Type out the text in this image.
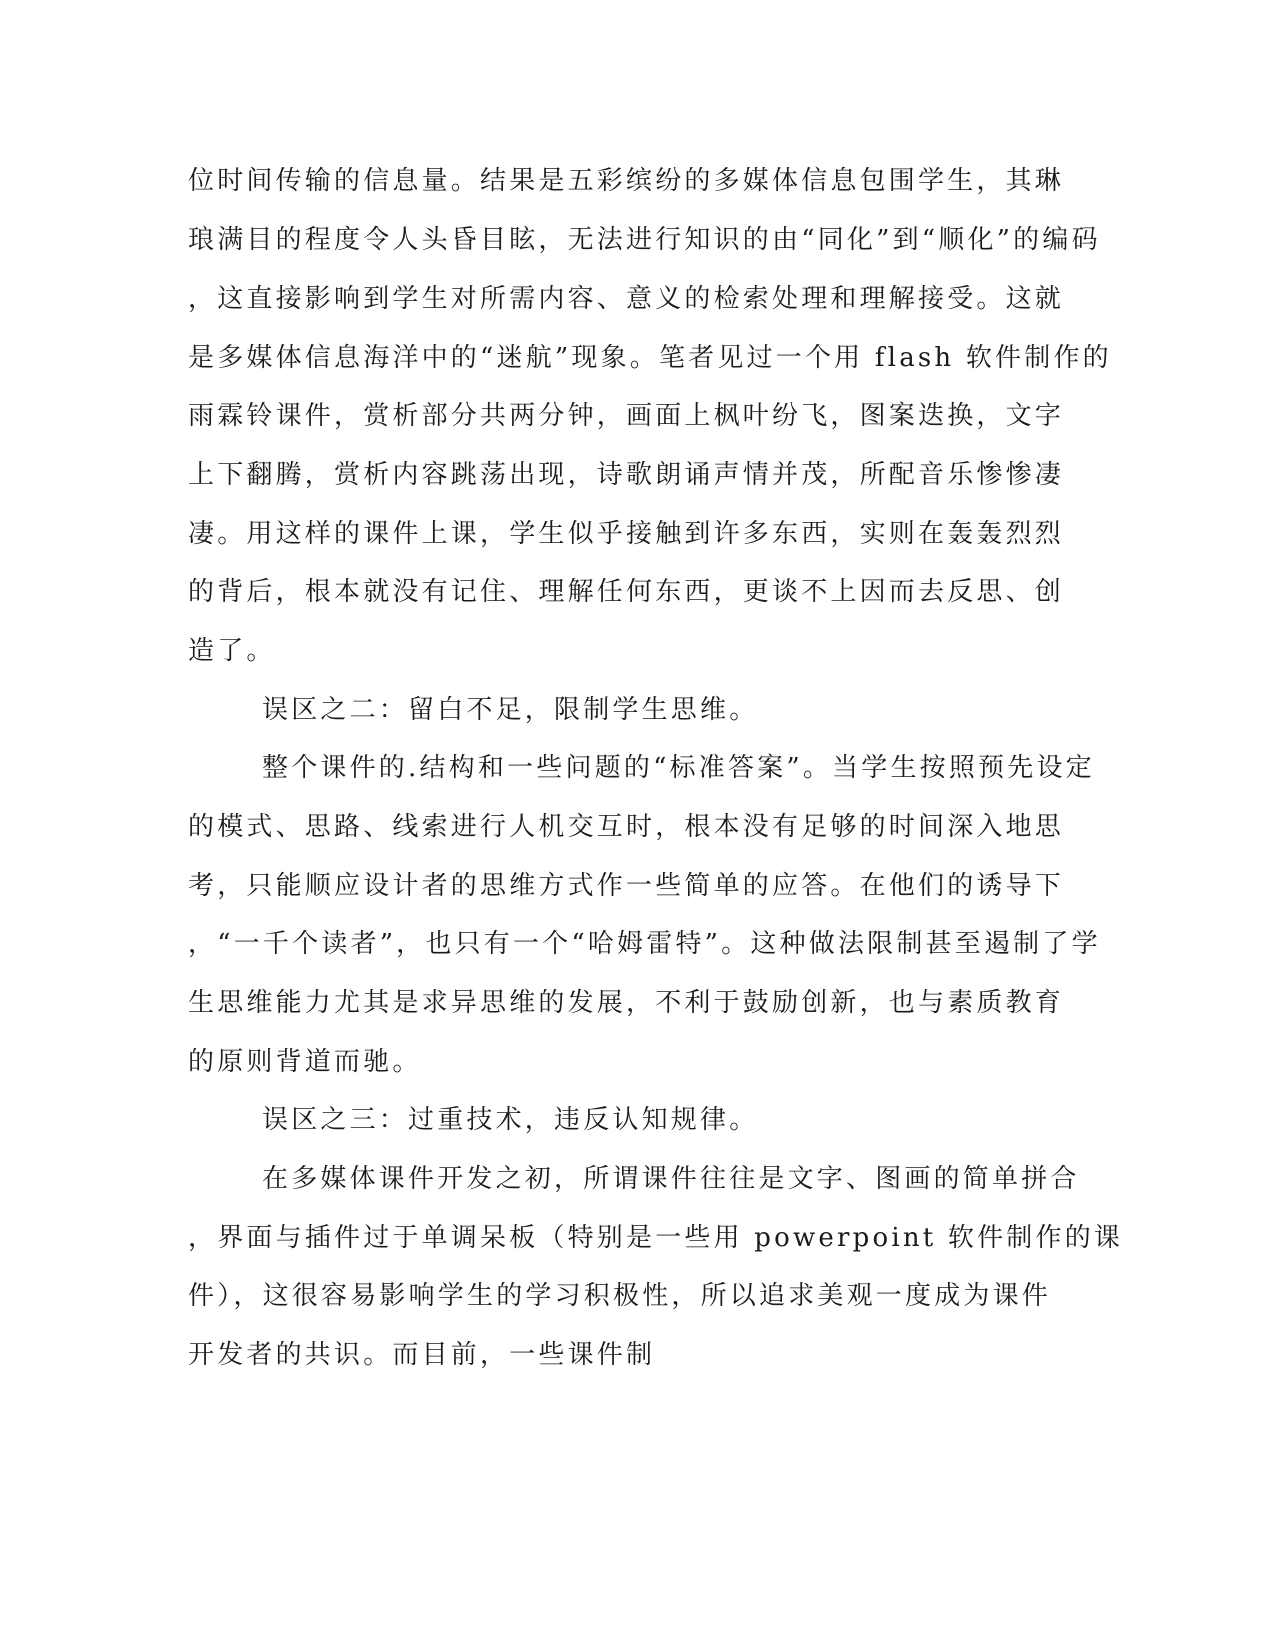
位时间传输的信息量。结果是五彩缤纷的多媒体信息包围学生，其琳
琅满目的程度令人头昏目眩，无法进行知识的由“同化”到“顺化”的编码
，这直接影响到学生对所需内容、意义的检索处理和理解接受。这就
是多媒体信息海洋中的“迷航”现象。笔者见过一个用 flash 软件制作的
雨霖铃课件，赏析部分共两分钟，画面上枫叶纷飞，图案迭换，文字
上下翻腾，赏析内容跳荡出现，诗歌朗诵声情并茂，所配音乐惨惨凄
凄。用这样的课件上课，学生似乎接触到许多东西，实则在轰轰烈烈
的背后，根本就没有记住、理解任何东西，更谈不上因而去反思、创
造了。
误区之二：留白不足，限制学生思维。
整个课件的.结构和一些问题的“标准答案”。当学生按照预先设定
的模式、思路、线索进行人机交互时，根本没有足够的时间深入地思
考，只能顺应设计者的思维方式作一些简单的应答。在他们的诱导下
，“一千个读者”，也只有一个“哈姆雷特”。这种做法限制甚至遏制了学
生思维能力尤其是求异思维的发展，不利于鼓励创新，也与素质教育
的原则背道而驰。
误区之三：过重技术，违反认知规律。
在多媒体课件开发之初，所谓课件往往是文字、图画的简单拼合
，界面与插件过于单调呆板（特别是一些用 powerpoint 软件制作的课
件），这很容易影响学生的学习积极性，所以追求美观一度成为课件
开发者的共识。而目前，一些课件制
